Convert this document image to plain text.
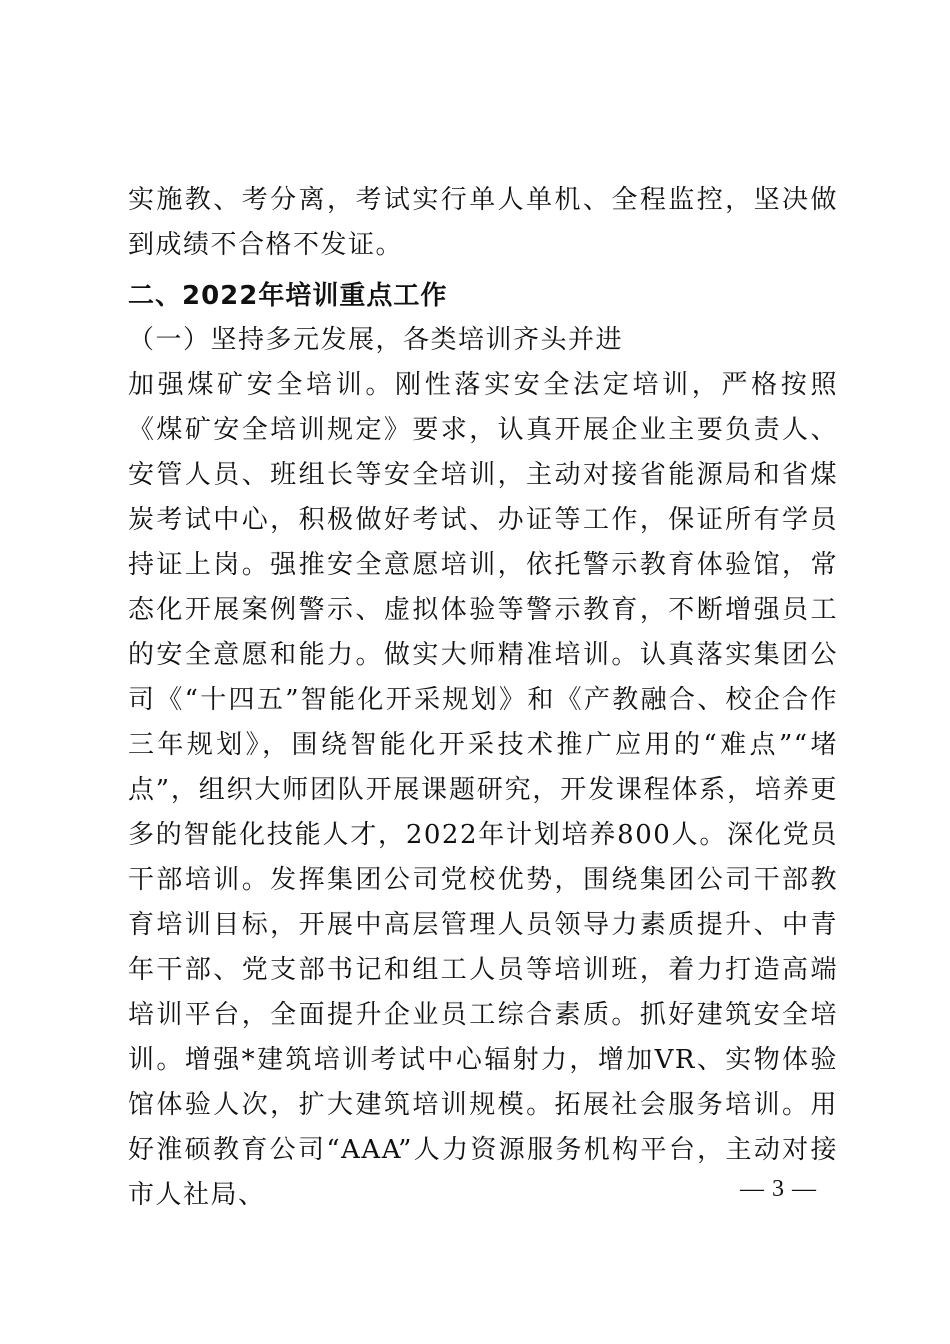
实施教、考分离，考试实行单人单机、全程监控，坚决做到成绩不合格不发证。
二、2022年培训重点工作
（一）坚持多元发展，各类培训齐头并进
加强煤矿安全培训。刚性落实安全法定培训，严格按照《煤矿安全培训规定》要求，认真开展企业主要负责人、安管人员、班组长等安全培训，主动对接省能源局和省煤炭考试中心，积极做好考试、办证等工作，保证所有学员持证上岗。强推安全意愿培训，依托警示教育体验馆，常态化开展案例警示、虚拟体验等警示教育，不断增强员工的安全意愿和能力。做实大师精准培训。认真落实集团公司《“十四五”智能化开采规划》和《产教融合、校企合作三年规划》，围绕智能化开采技术推广应用的“难点”“堵点”，组织大师团队开展课题研究，开发课程体系，培养更多的智能化技能人才，2022年计划培养800人。深化党员干部培训。发挥集团公司党校优势，围绕集团公司干部教育培训目标，开展中高层管理人员领导力素质提升、中青年干部、党支部书记和组工人员等培训班，着力打造高端培训平台，全面提升企业员工综合素质。抓好建筑安全培训。增强*建筑培训考试中心辐射力，增加VR、实物体验馆体验人次，扩大建筑培训规模。拓展社会服务培训。用好淮硕教育公司“AAA”人力资源服务机构平台，主动对接市人社局、	— 3 —
